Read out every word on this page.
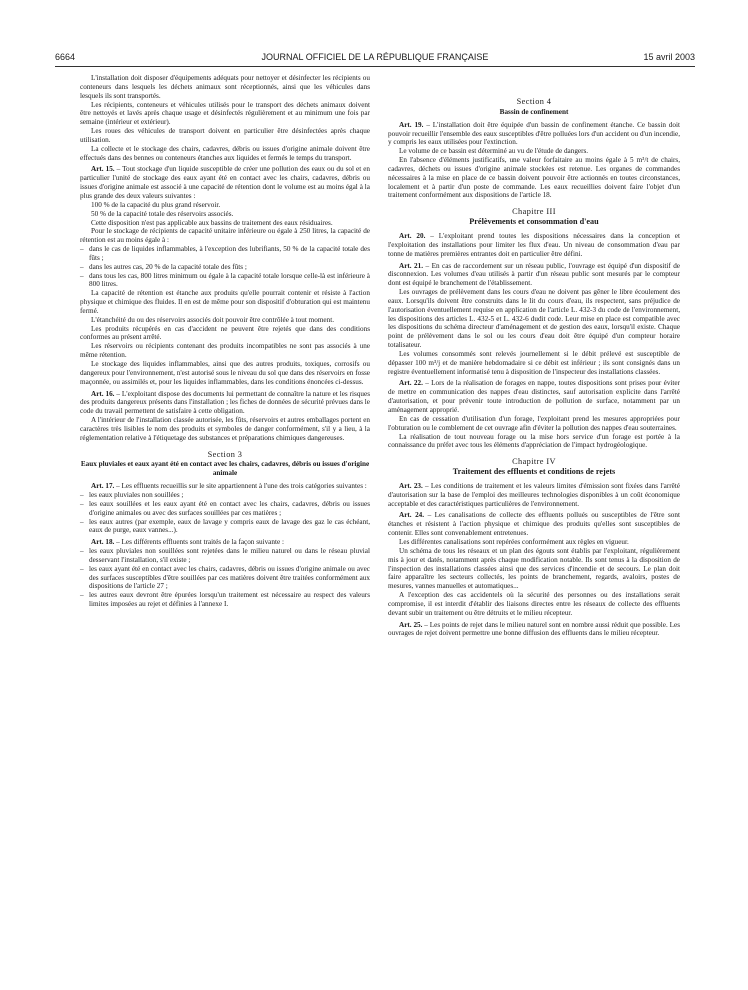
6664	JOURNAL OFFICIEL DE LA RÉPUBLIQUE FRANÇAISE	15 avril 2003

L'installation doit disposer d'équipements adéquats pour nettoyer et désinfecter les récipients ou conteneurs dans lesquels les déchets animaux sont réceptionnés, ainsi que les véhicules dans lesquels ils sont transportés.

Les récipients, conteneurs et véhicules utilisés pour le transport des déchets animaux doivent être nettoyés et lavés après chaque usage et désinfectés régulièrement et au minimum une fois par semaine (intérieur et extérieur).

Les roues des véhicules de transport doivent en particulier être désinfectées après chaque utilisation.

La collecte et le stockage des chairs, cadavres, débris ou issues d'origine animale doivent être effectués dans des bennes ou conteneurs étanches aux liquides et fermés le temps du transport.

Art. 15. – Tout stockage d'un liquide susceptible de créer une pollution des eaux ou du sol et en particulier l'unité de stockage des eaux ayant été en contact avec les chairs, cadavres, débris ou issues d'origine animale est associé à une capacité de rétention dont le volume est au moins égal à la plus grande des deux valeurs suivantes :

100 % de la capacité du plus grand réservoir.

50 % de la capacité totale des réservoirs associés.

Cette disposition n'est pas applicable aux bassins de traitement des eaux résiduaires.

Pour le stockage de récipients de capacité unitaire inférieure ou égale à 250 litres, la capacité de rétention est au moins égale à :

– dans le cas de liquides inflammables, à l'exception des lubrifiants, 50 % de la capacité totale des fûts ;

– dans les autres cas, 20 % de la capacité totale des fûts ;

– dans tous les cas, 800 litres minimum ou égale à la capacité totale lorsque celle-là est inférieure à 800 litres.

La capacité de rétention est étanche aux produits qu'elle pourrait contenir et résiste à l'action physique et chimique des fluides. Il en est de même pour son dispositif d'obturation qui est maintenu fermé.

L'étanchéité du ou des réservoirs associés doit pouvoir être contrôlée à tout moment.

Les produits récupérés en cas d'accident ne peuvent être rejetés que dans des conditions conformes au présent arrêté.

Les réservoirs ou récipients contenant des produits incompatibles ne sont pas associés à une même rétention.

Le stockage des liquides inflammables, ainsi que des autres produits, toxiques, corrosifs ou dangereux pour l'environnement, n'est autorisé sous le niveau du sol que dans des réservoirs en fosse maçonnée, ou assimilés et, pour les liquides inflammables, dans les conditions énoncées ci-dessus.

Art. 16. – L'exploitant dispose des documents lui permettant de connaître la nature et les risques des produits dangereux présents dans l'installation ; les fiches de données de sécurité prévues dans le code du travail permettent de satisfaire à cette obligation.

A l'intérieur de l'installation classée autorisée, les fûts, réservoirs et autres emballages portent en caractères très lisibles le nom des produits et symboles de danger conformément, s'il y a lieu, à la réglementation relative à l'étiquetage des substances et préparations chimiques dangereuses.

Section 3

Eaux pluviales et eaux ayant été en contact avec les chairs, cadavres, débris ou issues d'origine animale

Art. 17. – Les effluents recueillis sur le site appartiennent à l'une des trois catégories suivantes :

– les eaux pluviales non souillées ;

– les eaux souillées et les eaux ayant été en contact avec les chairs, cadavres, débris ou issues d'origine animales ou avec des surfaces souillées par ces matières ;

– les eaux autres (par exemple, eaux de lavage y compris eaux de lavage des gaz le cas échéant, eaux de purge, eaux vannes...).

Art. 18. – Les différents effluents sont traités de la façon suivante :

– les eaux pluviales non souillées sont rejetées dans le milieu naturel ou dans le réseau pluvial desservant l'installation, s'il existe ;

– les eaux ayant été en contact avec les chairs, cadavres, débris ou issues d'origine animale ou avec des surfaces susceptibles d'être souillées par ces matières doivent être traitées conformément aux dispositions de l'article 27 ;

– les autres eaux devront être épurées lorsqu'un traitement est nécessaire au respect des valeurs limites imposées au rejet et définies à l'annexe I.

Section 4

Bassin de confinement

Art. 19. – L'installation doit être équipée d'un bassin de confinement étanche. Ce bassin doit pouvoir recueillir l'ensemble des eaux susceptibles d'être polluées lors d'un accident ou d'un incendie, y compris les eaux utilisées pour l'extinction.

Le volume de ce bassin est déterminé au vu de l'étude de dangers.

En l'absence d'éléments justificatifs, une valeur forfaitaire au moins égale à 5 m³/t de chairs, cadavres, déchets ou issues d'origine animale stockées est retenue. Les organes de commandes nécessaires à la mise en place de ce bassin doivent pouvoir être actionnés en toutes circonstances, localement et à partir d'un poste de commande. Les eaux recueillies doivent faire l'objet d'un traitement conformément aux dispositions de l'article 18.

Chapitre III

Prélèvements et consommation d'eau

Art. 20. – L'exploitant prend toutes les dispositions nécessaires dans la conception et l'exploitation des installations pour limiter les flux d'eau. Un niveau de consommation d'eau par tonne de matières premières entrantes doit en particulier être défini.

Art. 21. – En cas de raccordement sur un réseau public, l'ouvrage est équipé d'un dispositif de disconnexion. Les volumes d'eau utilisés à partir d'un réseau public sont mesurés par le compteur dont est équipé le branchement de l'établissement.

Les ouvrages de prélèvement dans les cours d'eau ne doivent pas gêner le libre écoulement des eaux. Lorsqu'ils doivent être construits dans le lit du cours d'eau, ils respectent, sans préjudice de l'autorisation éventuellement requise en application de l'article L. 432-3 du code de l'environnement, les dispositions des articles L. 432-5 et L. 432-6 dudit code. Leur mise en place est compatible avec les dispositions du schéma directeur d'aménagement et de gestion des eaux, lorsqu'il existe. Chaque point de prélèvement dans le sol ou les cours d'eau doit être équipé d'un compteur horaire totalisateur.

Les volumes consommés sont relevés journellement si le débit prélevé est susceptible de dépasser 100 m³/j et de manière hebdomadaire si ce débit est inférieur ; ils sont consignés dans un registre éventuellement informatisé tenu à disposition de l'inspecteur des installations classées.

Art. 22. – Lors de la réalisation de forages en nappe, toutes dispositions sont prises pour éviter de mettre en communication des nappes d'eau distinctes, sauf autorisation explicite dans l'arrêté d'autorisation, et pour prévenir toute introduction de pollution de surface, notamment par un aménagement approprié.

En cas de cessation d'utilisation d'un forage, l'exploitant prend les mesures appropriées pour l'obturation ou le comblement de cet ouvrage afin d'éviter la pollution des nappes d'eau souterraines.

La réalisation de tout nouveau forage ou la mise hors service d'un forage est portée à la connaissance du préfet avec tous les éléments d'appréciation de l'impact hydrogéologique.

Chapitre IV

Traitement des effluents et conditions de rejets

Art. 23. – Les conditions de traitement et les valeurs limites d'émission sont fixées dans l'arrêté d'autorisation sur la base de l'emploi des meilleures technologies disponibles à un coût économique acceptable et des caractéristiques particulières de l'environnement.

Art. 24. – Les canalisations de collecte des effluents pollués ou susceptibles de l'être sont étanches et résistent à l'action physique et chimique des produits qu'elles sont susceptibles de contenir. Elles sont convenablement entretenues.

Les différentes canalisations sont repérées conformément aux règles en vigueur.

Un schéma de tous les réseaux et un plan des égouts sont établis par l'exploitant, régulièrement mis à jour et datés, notamment après chaque modification notable. Ils sont tenus à la disposition de l'inspection des installations classées ainsi que des services d'incendie et de secours. Le plan doit faire apparaître les secteurs collectés, les points de branchement, regards, avaloirs, postes de mesures, vannes manuelles et automatiques...

A l'exception des cas accidentels où la sécurité des personnes ou des installations serait compromise, il est interdit d'établir des liaisons directes entre les réseaux de collecte des effluents devant subir un traitement ou être détruits et le milieu récepteur.

Art. 25. – Les points de rejet dans le milieu naturel sont en nombre aussi réduit que possible. Les ouvrages de rejet doivent permettre une bonne diffusion des effluents dans le milieu récepteur.
